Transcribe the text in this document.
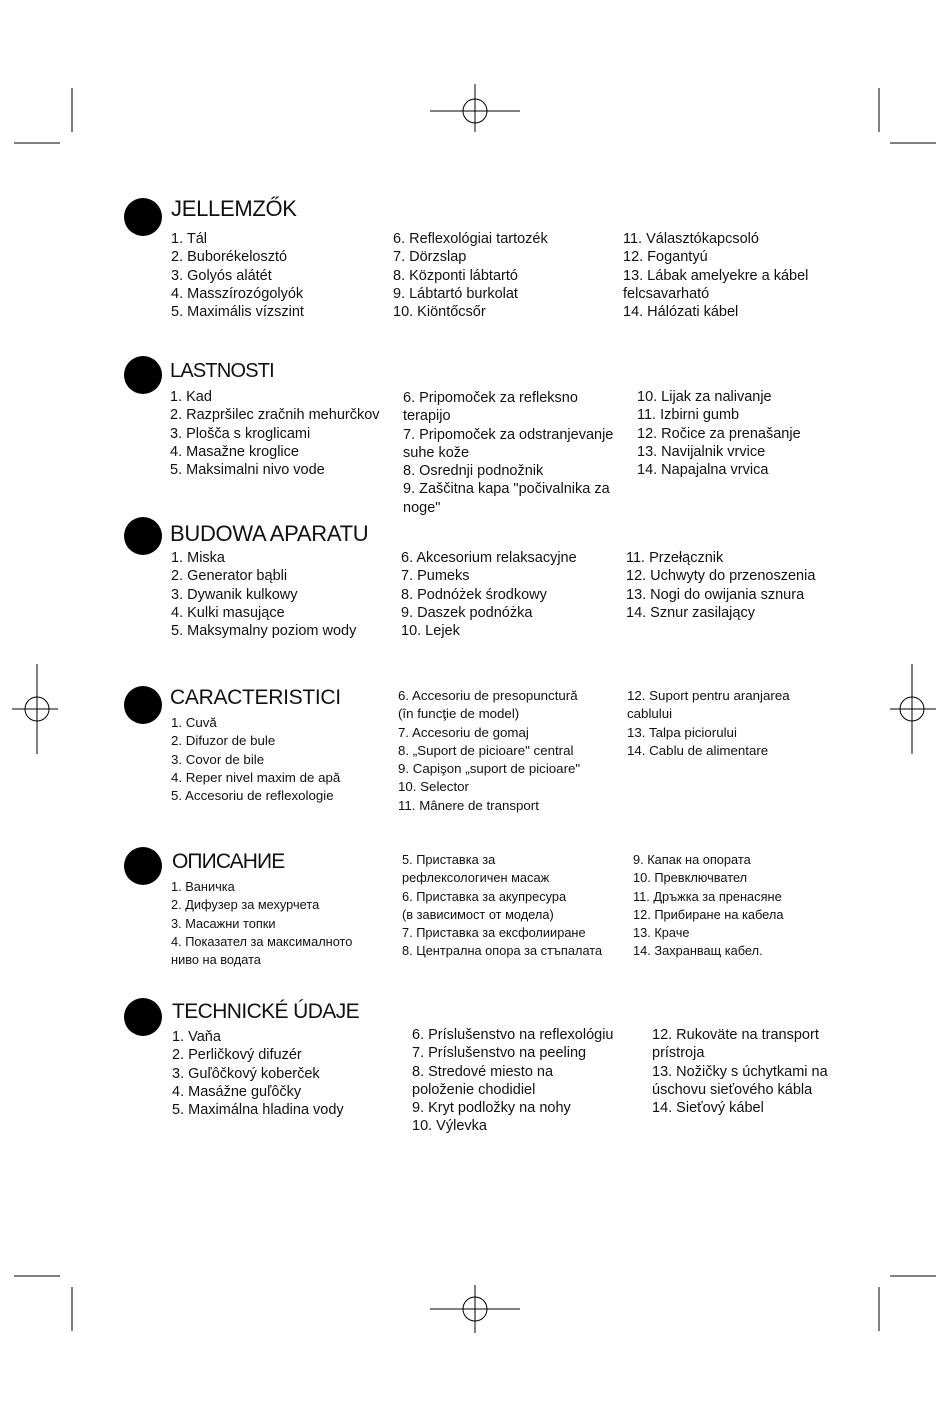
JELLEMZŐK
1. Tál
2. Buborékelosztó
3. Golyós alátét
4. Masszírozógolyók
5. Maximális vízszint
6. Reflexológiai tartozék
7. Dörzslap
8. Központi lábtartó
9. Lábtartó burkolat
10. Kiöntőcsőr
11. Választókapcsoló
12. Fogantyú
13. Lábak amelyekre a kábel
felcsavarható
14. Hálózati kábel
LASTNOSTI
1. Kad
2. Razpršilec zračnih mehurčkov
3. Plošča s kroglicami
4. Masažne kroglice
5. Maksimalni nivo vode
6. Pripomoček za refleksno
terapijo
7. Pripomoček za odstranjevanje
suhe kože
8. Osrednji podnožnik
9. Zaščitna kapa "počivalnika za
noge"
10. Lijak za nalivanje
11. Izbirni gumb
12. Ročice za prenašanje
13. Navijalnik vrvice
14. Napajalna vrvica
BUDOWA APARATU
1. Miska
2. Generator bąbli
3. Dywanik kulkowy
4. Kulki masujące
5. Maksymalny poziom wody
6. Akcesorium relaksacyjne
7. Pumeks
8. Podnóżek środkowy
9. Daszek podnóżka
10. Lejek
11. Przełącznik
12. Uchwyty do przenoszenia
13. Nogi do owijania sznura
14. Sznur zasilający
CARACTERISTICI
1. Cuvă
2. Difuzor de bule
3. Covor de bile
4. Reper nivel maxim de apă
5. Accesoriu de reflexologie
6. Accesoriu de presopunctură
(în funcţie de model)
7. Accesoriu de gomaj
8. „Suport de picioare" central
9. Capişon „suport de picioare"
10. Selector
11. Mânere de transport
12. Suport pentru aranjarea
cablului
13. Talpa piciorului
14. Cablu de alimentare
ОПИСАНИЕ
1. Ваничка
2. Дифузер за мехурчета
3. Масажни топки
4. Показател за максималното
ниво на водата
5. Приставка за
рефлексологичен масаж
6. Приставка за акупресура
(в зависимост от модела)
7. Приставка за ексфолииране
8. Централна опора за стъпалата
9. Капак на опората
10. Превключвател
11. Дръжка за пренасяне
12. Прибиране на кабела
13. Краче
14. Захранващ кабел.
TECHNICKÉ ÚDAJE
1. Vaňa
2. Perličkový difuzér
3. Guľôčkový koberček
4. Masážne guľôčky
5. Maximálna hladina vody
6. Príslušenstvo na reflexológiu
7. Príslušenstvo na peeling
8. Stredové miesto na
položenie chodidiel
9. Kryt podložky na nohy
10. Výlevka
12. Rukoväte na transport
prístroja
13. Nožičky s úchytkami na
úschovu sieťového kábla
14. Sieťový kábel
